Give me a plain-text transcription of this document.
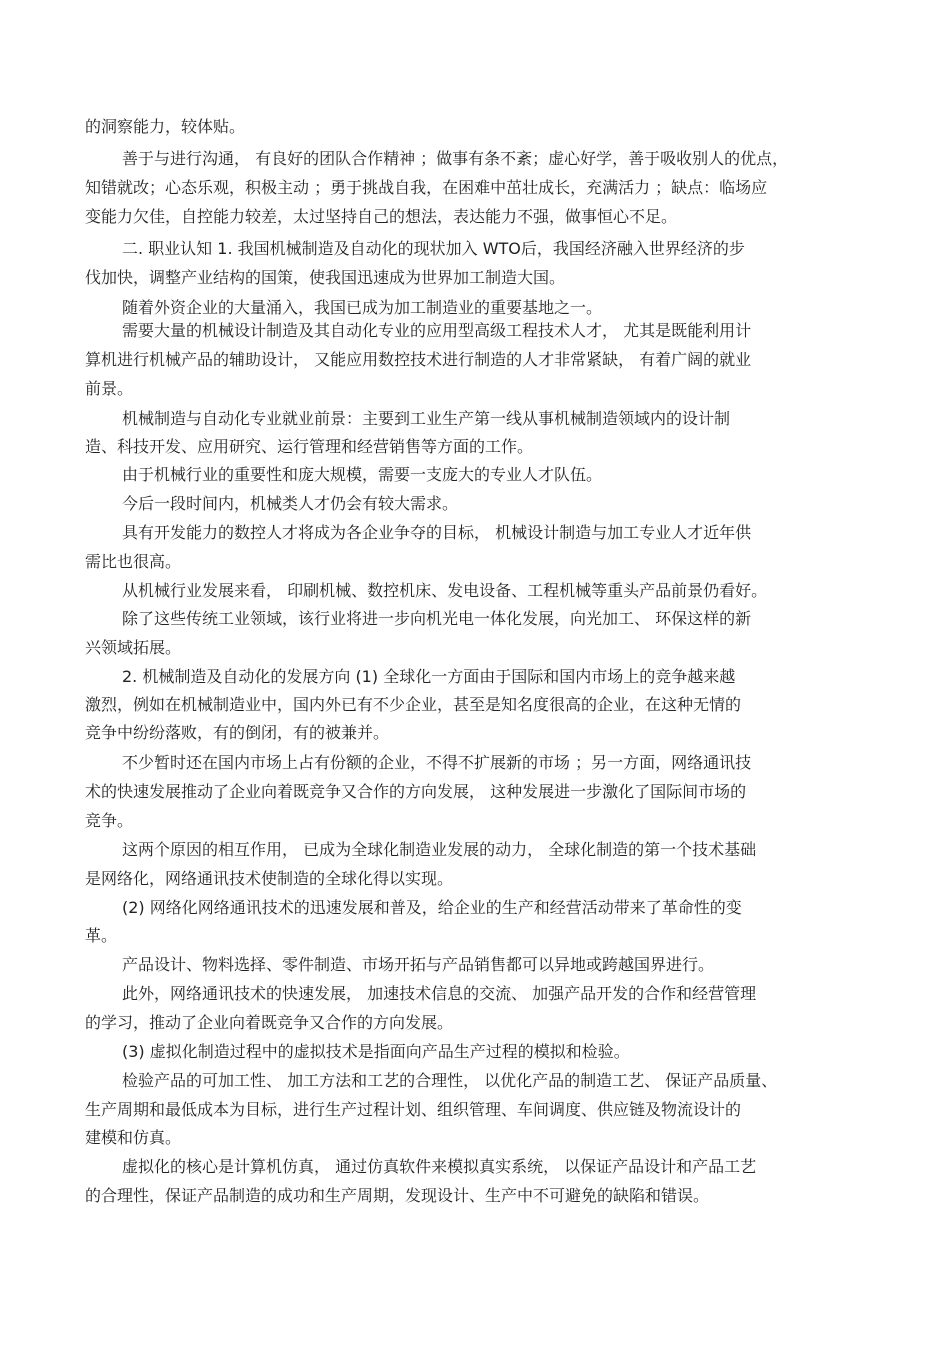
的洞察能力，较体贴。
善于与进行沟通， 有良好的团队合作精神 ；做事有条不紊；虚心好学，善于吸收别人的优点，
知错就改；心态乐观，积极主动 ；勇于挑战自我，在困难中茁壮成长，充满活力 ；缺点：临场应
变能力欠佳，自控能力较差，太过坚持自己的想法，表达能力不强，做事恒心不足。
二. 职业认知 1. 我国机械制造及自动化的现状加入 WTO后，我国经济融入世界经济的步
伐加快，调整产业结构的国策，使我国迅速成为世界加工制造大国。
随着外资企业的大量涌入，我国已成为加工制造业的重要基地之一。
需要大量的机械设计制造及其自动化专业的应用型高级工程技术人才， 尤其是既能利用计
算机进行机械产品的辅助设计， 又能应用数控技术进行制造的人才非常紧缺， 有着广阔的就业
前景。
机械制造与自动化专业就业前景：主要到工业生产第一线从事机械制造领域内的设计制
造、科技开发、应用研究、运行管理和经营销售等方面的工作。
由于机械行业的重要性和庞大规模，需要一支庞大的专业人才队伍。
今后一段时间内，机械类人才仍会有较大需求。
具有开发能力的数控人才将成为各企业争夺的目标， 机械设计制造与加工专业人才近年供
需比也很高。
从机械行业发展来看， 印刷机械、数控机床、发电设备、工程机械等重头产品前景仍看好。
除了这些传统工业领域，该行业将进一步向机光电一体化发展，向光加工、 环保这样的新
兴领域拓展。
2. 机械制造及自动化的发展方向 (1) 全球化一方面由于国际和国内市场上的竞争越来越
激烈，例如在机械制造业中，国内外已有不少企业，甚至是知名度很高的企业，在这种无情的
竞争中纷纷落败，有的倒闭，有的被兼并。
不少暂时还在国内市场上占有份额的企业，不得不扩展新的市场 ；另一方面，网络通讯技
术的快速发展推动了企业向着既竞争又合作的方向发展， 这种发展进一步激化了国际间市场的
竞争。
这两个原因的相互作用， 已成为全球化制造业发展的动力， 全球化制造的第一个技术基础
是网络化，网络通讯技术使制造的全球化得以实现。
(2) 网络化网络通讯技术的迅速发展和普及，给企业的生产和经营活动带来了革命性的变
革。
产品设计、物料选择、零件制造、市场开拓与产品销售都可以异地或跨越国界进行。
此外，网络通讯技术的快速发展， 加速技术信息的交流、 加强产品开发的合作和经营管理
的学习，推动了企业向着既竞争又合作的方向发展。
(3) 虚拟化制造过程中的虚拟技术是指面向产品生产过程的模拟和检验。
检验产品的可加工性、 加工方法和工艺的合理性， 以优化产品的制造工艺、 保证产品质量、
生产周期和最低成本为目标，进行生产过程计划、组织管理、车间调度、供应链及物流设计的
建模和仿真。
虚拟化的核心是计算机仿真， 通过仿真软件来模拟真实系统， 以保证产品设计和产品工艺
的合理性，保证产品制造的成功和生产周期，发现设计、生产中不可避免的缺陷和错误。
